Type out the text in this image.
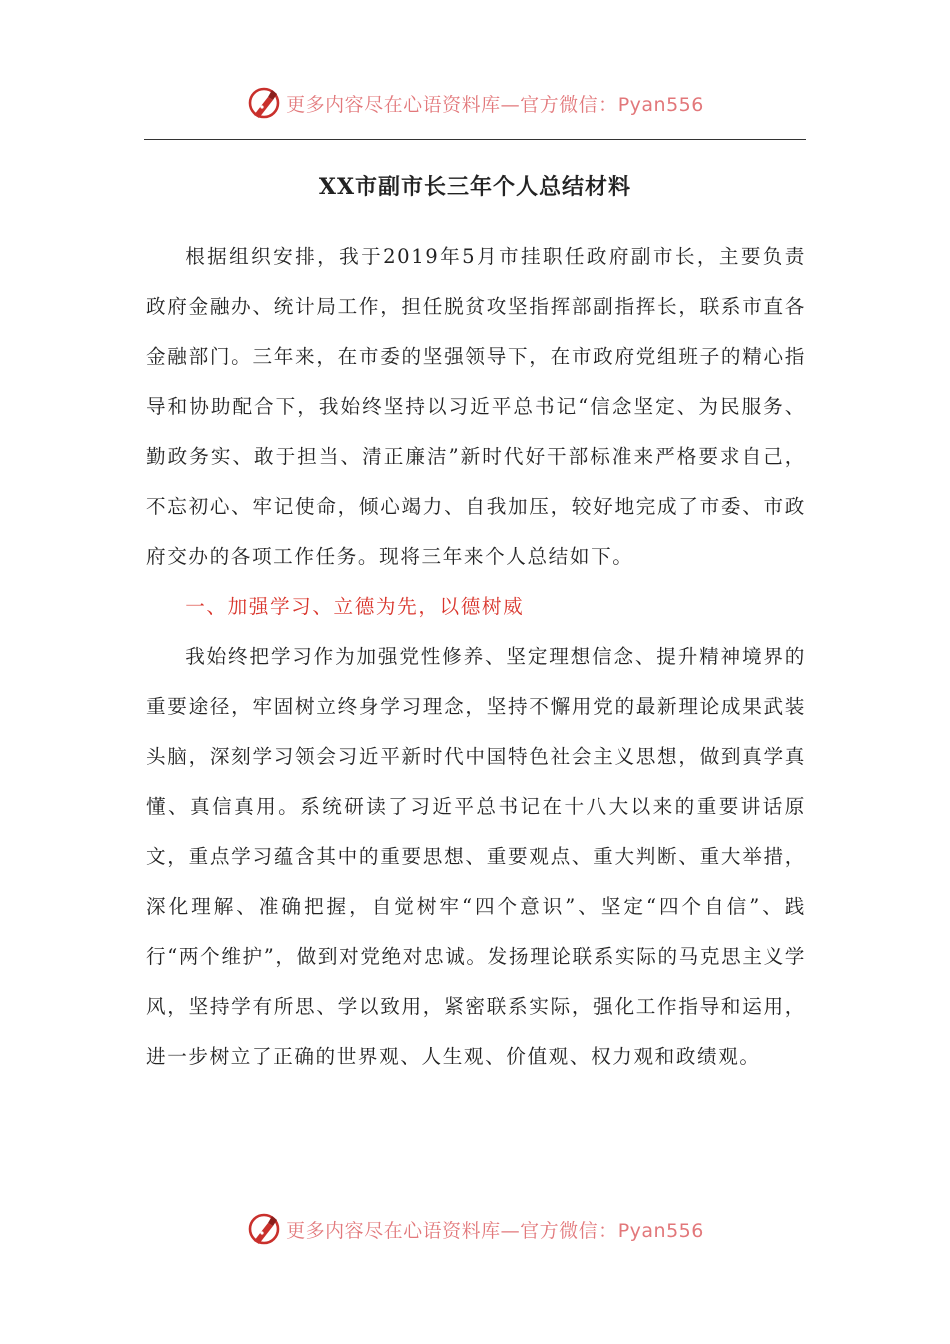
更多内容尽在心语资料库—官方微信：Pyan556
XX市副市长三年个人总结材料

根据组织安排，我于2019年5月市挂职任政府副市长，主要负责政府金融办、统计局工作，担任脱贫攻坚指挥部副指挥长，联系市直各金融部门。三年来，在市委的坚强领导下，在市政府党组班子的精心指导和协助配合下，我始终坚持以习近平总书记“信念坚定、为民服务、勤政务实、敢于担当、清正廉洁”新时代好干部标准来严格要求自己，不忘初心、牢记使命，倾心竭力、自我加压，较好地完成了市委、市政府交办的各项工作任务。现将三年来个人总结如下。

一、加强学习、立德为先，以德树威

我始终把学习作为加强党性修养、坚定理想信念、提升精神境界的重要途径，牢固树立终身学习理念，坚持不懈用党的最新理论成果武装头脑，深刻学习领会习近平新时代中国特色社会主义思想，做到真学真懂、真信真用。系统研读了习近平总书记在十八大以来的重要讲话原文，重点学习蕴含其中的重要思想、重要观点、重大判断、重大举措，深化理解、准确把握，自觉树牢“四个意识”、坚定“四个自信”、践行“两个维护”，做到对党绝对忠诚。发扬理论联系实际的马克思主义学风，坚持学有所思、学以致用，紧密联系实际，强化工作指导和运用，进一步树立了正确的世界观、人生观、价值观、权力观和政绩观。

更多内容尽在心语资料库—官方微信：Pyan556
